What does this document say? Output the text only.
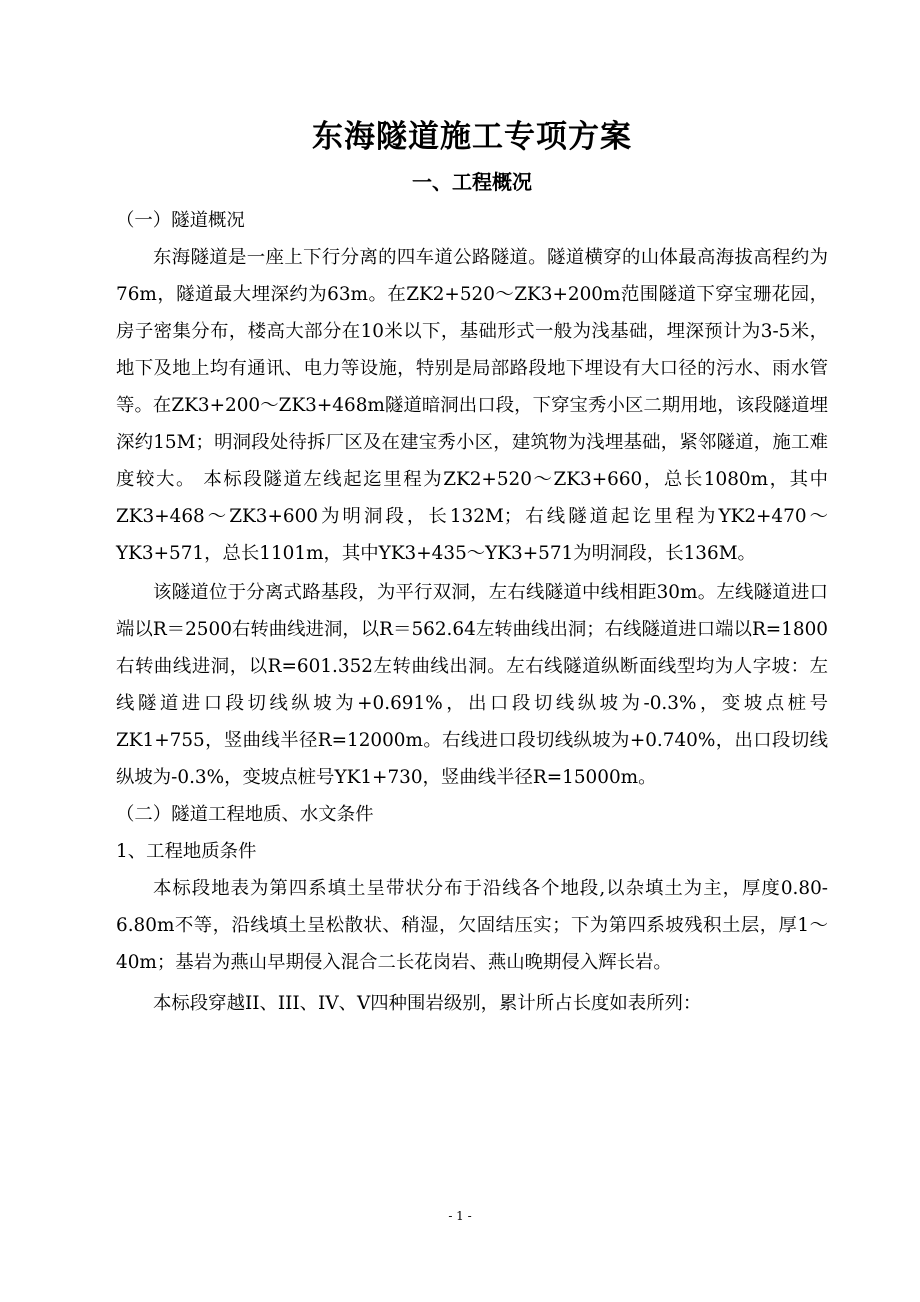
东海隧道施工专项方案
一、工程概况

（一）隧道概况

东海隧道是一座上下行分离的四车道公路隧道。隧道横穿的山体最高海拔高程约为76m，隧道最大埋深约为63m。在ZK2+520～ZK3+200m范围隧道下穿宝珊花园，房子密集分布，楼高大部分在10米以下，基础形式一般为浅基础，埋深预计为3-5米，地下及地上均有通讯、电力等设施，特别是局部路段地下埋设有大口径的污水、雨水管等。在ZK3+200～ZK3+468m隧道暗洞出口段，下穿宝秀小区二期用地，该段隧道埋深约15M；明洞段处待拆厂区及在建宝秀小区，建筑物为浅埋基础，紧邻隧道，施工难度较大。 本标段隧道左线起迄里程为ZK2+520～ZK3+660，总长1080m，其中ZK3+468～ZK3+600为明洞段，长132M；右线隧道起讫里程为YK2+470～YK3+571，总长1101m，其中YK3+435～YK3+571为明洞段，长136M。

该隧道位于分离式路基段，为平行双洞，左右线隧道中线相距30m。左线隧道进口端以R＝2500右转曲线进洞，以R＝562.64左转曲线出洞；右线隧道进口端以R=1800右转曲线进洞，以R=601.352左转曲线出洞。左右线隧道纵断面线型均为人字坡：左线隧道进口段切线纵坡为+0.691%，出口段切线纵坡为-0.3%，变坡点桩号ZK1+755，竖曲线半径R=12000m。右线进口段切线纵坡为+0.740%，出口段切线纵坡为-0.3%，变坡点桩号YK1+730，竖曲线半径R=15000m。

（二）隧道工程地质、水文条件

1、工程地质条件

本标段地表为第四系填土呈带状分布于沿线各个地段,以杂填土为主，厚度0.80-6.80m不等，沿线填土呈松散状、稍湿，欠固结压实；下为第四系坡残积土层，厚1～40m；基岩为燕山早期侵入混合二长花岗岩、燕山晚期侵入辉长岩。

本标段穿越II、III、IV、Ⅴ四种围岩级别，累计所占长度如表所列：

- 1 -
